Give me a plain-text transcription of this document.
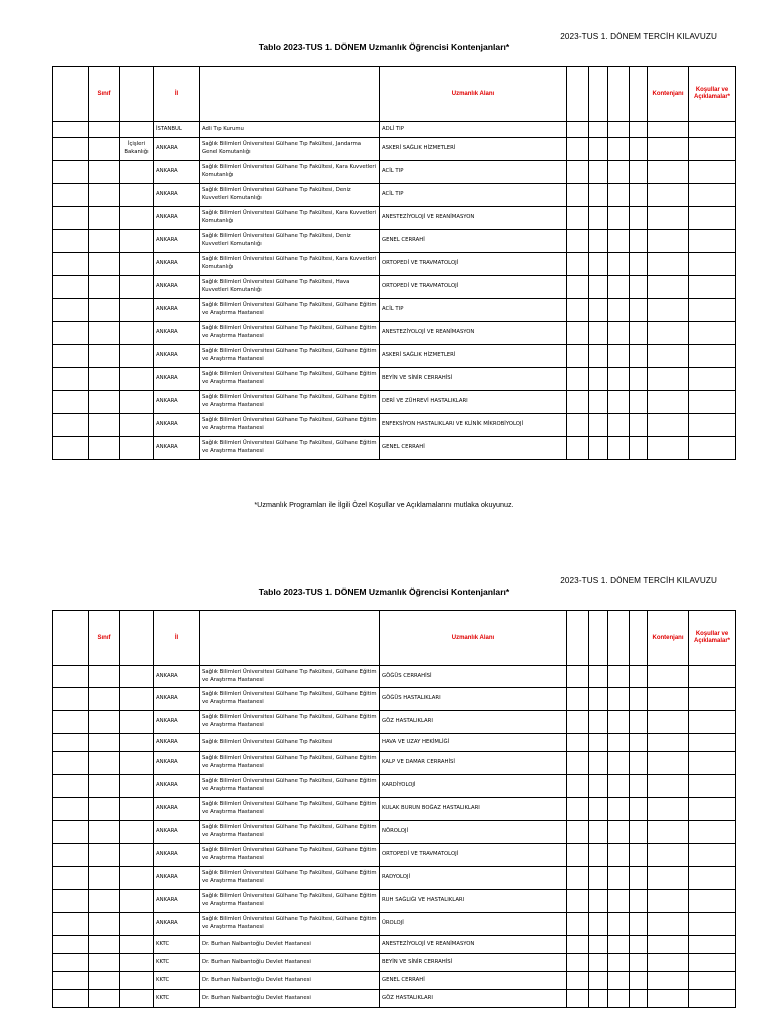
2023-TUS 1. DÖNEM TERCİH KILAVUZU
Tablo 2023-TUS 1. DÖNEM Uzmanlık Öğrencisi Kontenjanları*
	Sınıf		İl		Uzmanlık Alanı					Kontenjanı	Koşullar ve Açıklamalar*
			İSTANBUL	Adli Tıp Kurumu	ADLİ TIP						
		İçişleri Bakanlığı	ANKARA	Sağlık Bilimleri Üniversitesi Gülhane Tıp Fakültesi, Jandarma Genel Komutanlığı	ASKERİ SAĞLIK HİZMETLERİ						
			ANKARA	Sağlık Bilimleri Üniversitesi Gülhane Tıp Fakültesi, Kara Kuvvetleri Komutanlığı	ACİL TIP						
			ANKARA	Sağlık Bilimleri Üniversitesi Gülhane Tıp Fakültesi, Deniz Kuvvetleri Komutanlığı	ACİL TIP						
			ANKARA	Sağlık Bilimleri Üniversitesi Gülhane Tıp Fakültesi, Kara Kuvvetleri Komutanlığı	ANESTEZİYOLOJİ VE REANİMASYON						
			ANKARA	Sağlık Bilimleri Üniversitesi Gülhane Tıp Fakültesi, Deniz Kuvvetleri Komutanlığı	GENEL CERRAHİ						
			ANKARA	Sağlık Bilimleri Üniversitesi Gülhane Tıp Fakültesi, Kara Kuvvetleri Komutanlığı	ORTOPEDİ VE TRAVMATOLOJİ						
			ANKARA	Sağlık Bilimleri Üniversitesi Gülhane Tıp Fakültesi, Hava Kuvvetleri Komutanlığı	ORTOPEDİ VE TRAVMATOLOJİ						
			ANKARA	Sağlık Bilimleri Üniversitesi Gülhane Tıp Fakültesi, Gülhane Eğitim ve Araştırma Hastanesi	ACİL TIP						
			ANKARA	Sağlık Bilimleri Üniversitesi Gülhane Tıp Fakültesi, Gülhane Eğitim ve Araştırma Hastanesi	ANESTEZİYOLOJİ VE REANİMASYON						
			ANKARA	Sağlık Bilimleri Üniversitesi Gülhane Tıp Fakültesi, Gülhane Eğitim ve Araştırma Hastanesi	ASKERİ SAĞLIK HİZMETLERİ						
			ANKARA	Sağlık Bilimleri Üniversitesi Gülhane Tıp Fakültesi, Gülhane Eğitim ve Araştırma Hastanesi	BEYİN VE SİNİR CERRAHİSİ						
			ANKARA	Sağlık Bilimleri Üniversitesi Gülhane Tıp Fakültesi, Gülhane Eğitim ve Araştırma Hastanesi	DERİ VE ZÜHREVİ HASTALIKLARI						
			ANKARA	Sağlık Bilimleri Üniversitesi Gülhane Tıp Fakültesi, Gülhane Eğitim ve Araştırma Hastanesi	ENFEKSİYON HASTALIKLARI VE KLİNİK MİKROBİYOLOJİ						
			ANKARA	Sağlık Bilimleri Üniversitesi Gülhane Tıp Fakültesi, Gülhane Eğitim ve Araştırma Hastanesi	GENEL CERRAHİ						
*Uzmanlık Programları ile İlgili Özel Koşullar ve Açıklamalarını mutlaka okuyunuz.
2023-TUS 1. DÖNEM TERCİH KILAVUZU
Tablo 2023-TUS 1. DÖNEM Uzmanlık Öğrencisi Kontenjanları*
	Sınıf		İl		Uzmanlık Alanı					Kontenjanı	Koşullar ve Açıklamalar*
			ANKARA	Sağlık Bilimleri Üniversitesi Gülhane Tıp Fakültesi, Gülhane Eğitim ve Araştırma Hastanesi	GÖĞÜS CERRAHİSİ						
			ANKARA	Sağlık Bilimleri Üniversitesi Gülhane Tıp Fakültesi, Gülhane Eğitim ve Araştırma Hastanesi	GÖĞÜS HASTALIKLARI						
			ANKARA	Sağlık Bilimleri Üniversitesi Gülhane Tıp Fakültesi, Gülhane Eğitim ve Araştırma Hastanesi	GÖZ HASTALIKLARI						
			ANKARA	Sağlık Bilimleri Üniversitesi Gülhane Tıp Fakültesi	HAVA VE UZAY HEKİMLİĞİ						
			ANKARA	Sağlık Bilimleri Üniversitesi Gülhane Tıp Fakültesi, Gülhane Eğitim ve Araştırma Hastanesi	KALP VE DAMAR CERRAHİSİ						
			ANKARA	Sağlık Bilimleri Üniversitesi Gülhane Tıp Fakültesi, Gülhane Eğitim ve Araştırma Hastanesi	KARDİYOLOJİ						
			ANKARA	Sağlık Bilimleri Üniversitesi Gülhane Tıp Fakültesi, Gülhane Eğitim ve Araştırma Hastanesi	KULAK BURUN BOĞAZ HASTALIKLARI						
			ANKARA	Sağlık Bilimleri Üniversitesi Gülhane Tıp Fakültesi, Gülhane Eğitim ve Araştırma Hastanesi	NÖROLOJİ						
			ANKARA	Sağlık Bilimleri Üniversitesi Gülhane Tıp Fakültesi, Gülhane Eğitim ve Araştırma Hastanesi	ORTOPEDİ VE TRAVMATOLOJİ						
			ANKARA	Sağlık Bilimleri Üniversitesi Gülhane Tıp Fakültesi, Gülhane Eğitim ve Araştırma Hastanesi	RADYOLOJİ						
			ANKARA	Sağlık Bilimleri Üniversitesi Gülhane Tıp Fakültesi, Gülhane Eğitim ve Araştırma Hastanesi	RUH SAĞLIĞI VE HASTALIKLARI						
			ANKARA	Sağlık Bilimleri Üniversitesi Gülhane Tıp Fakültesi, Gülhane Eğitim ve Araştırma Hastanesi	ÜROLOJİ						
			KKTC	Dr. Burhan Nalbantoğlu Devlet Hastanesi	ANESTEZİYOLOJİ VE REANİMASYON						
			KKTC	Dr. Burhan Nalbantoğlu Devlet Hastanesi	BEYİN VE SİNİR CERRAHİSİ						
			KKTC	Dr. Burhan Nalbantoğlu Devlet Hastanesi	GENEL CERRAHİ						
			KKTC	Dr. Burhan Nalbantoğlu Devlet Hastanesi	GÖZ HASTALIKLARI						
